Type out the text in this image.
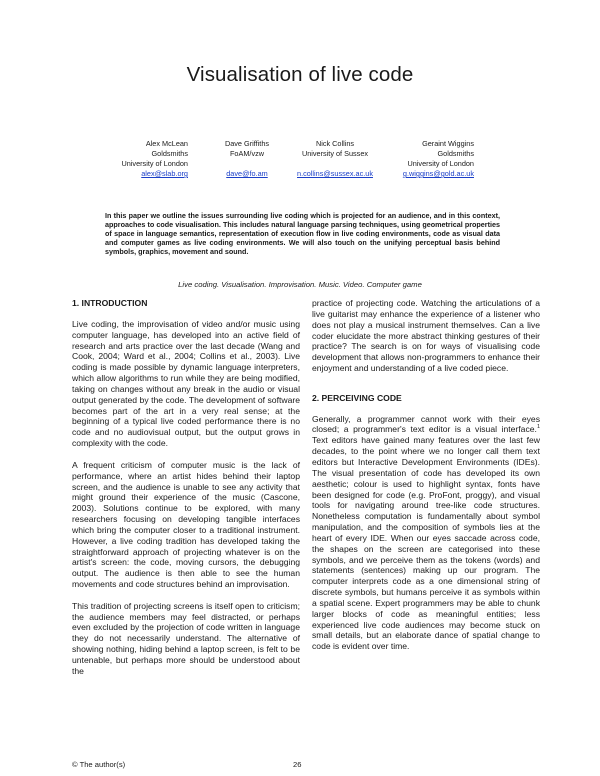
Visualisation of live code
Alex McLean
Goldsmiths
University of London
alex@slab.org
Dave Griffiths
FoAM/vzw

dave@fo.am
Nick Collins
University of Sussex

n.collins@sussex.ac.uk
Geraint Wiggins
Goldsmiths
University of London
g.wiggins@gold.ac.uk

In this paper we outline the issues surrounding live coding which is projected for an audience, and in this context, approaches to code visualisation. This includes natural language parsing techniques, using geometrical properties of space in language semantics, representation of execution flow in live coding environments, code as visual data and computer games as live coding environments. We will also touch on the unifying perceptual basis behind symbols, graphics, movement and sound.

Live coding. Visualisation. Improvisation. Music. Video. Computer game

1. INTRODUCTION

Live coding, the improvisation of video and/or music using computer language, has developed into an active field of research and arts practice over the last decade (Wang and Cook, 2004; Ward et al., 2004; Collins et al., 2003). Live coding is made possible by dynamic language interpreters, which allow algorithms to run while they are being modified, taking on changes without any break in the audio or visual output generated by the code. The development of software becomes part of the art in a very real sense; at the beginning of a typical live coded performance there is no code and no audiovisual output, but the output grows in complexity with the code.

A frequent criticism of computer music is the lack of performance, where an artist hides behind their laptop screen, and the audience is unable to see any activity that might ground their experience of the music (Cascone, 2003). Solutions continue to be explored, with many researchers focusing on developing tangible interfaces which bring the computer closer to a traditional instrument. However, a live coding tradition has developed taking the straightforward approach of projecting whatever is on the artist's screen: the code, moving cursors, the debugging output. The audience is then able to see the human movements and code structures behind an improvisation.

This tradition of projecting screens is itself open to criticism; the audience members may feel distracted, or perhaps even excluded by the projection of code written in language they do not necessarily understand. The alternative of showing nothing, hiding behind a laptop screen, is felt to be untenable, but perhaps more should be understood about the

practice of projecting code. Watching the articulations of a live guitarist may enhance the experience of a listener who does not play a musical instrument themselves. Can a live coder elucidate the more abstract thinking gestures of their practice? The search is on for ways of visualising code development that allows non-programmers to enhance their enjoyment and understanding of a live coded piece.

2. PERCEIVING CODE

Generally, a programmer cannot work with their eyes closed; a programmer's text editor is a visual interface.$^1$ Text editors have gained many features over the last few decades, to the point where we no longer call them text editors but Interactive Development Environments (IDEs). The visual presentation of code has developed its own aesthetic; colour is used to highlight syntax, fonts have been designed for code (e.g. ProFont, proggy), and visual tools for navigating around tree-like code structures. Nonetheless computation is fundamentally about symbol manipulation, and the composition of symbols lies at the heart of every IDE. When our eyes saccade across code, the shapes on the screen are categorised into these symbols, and we perceive them as the tokens (words) and statements (sentences) making up our program. The computer interprets code as a one dimensional string of discrete symbols, but humans perceive it as symbols within a spatial scene. Expert programmers may be able to chunk larger blocks of code as meaningful entities; less experienced live code audiences may become stuck on small details, but an elaborate dance of spatial change to code is evident over time.

© The author(s)	26
